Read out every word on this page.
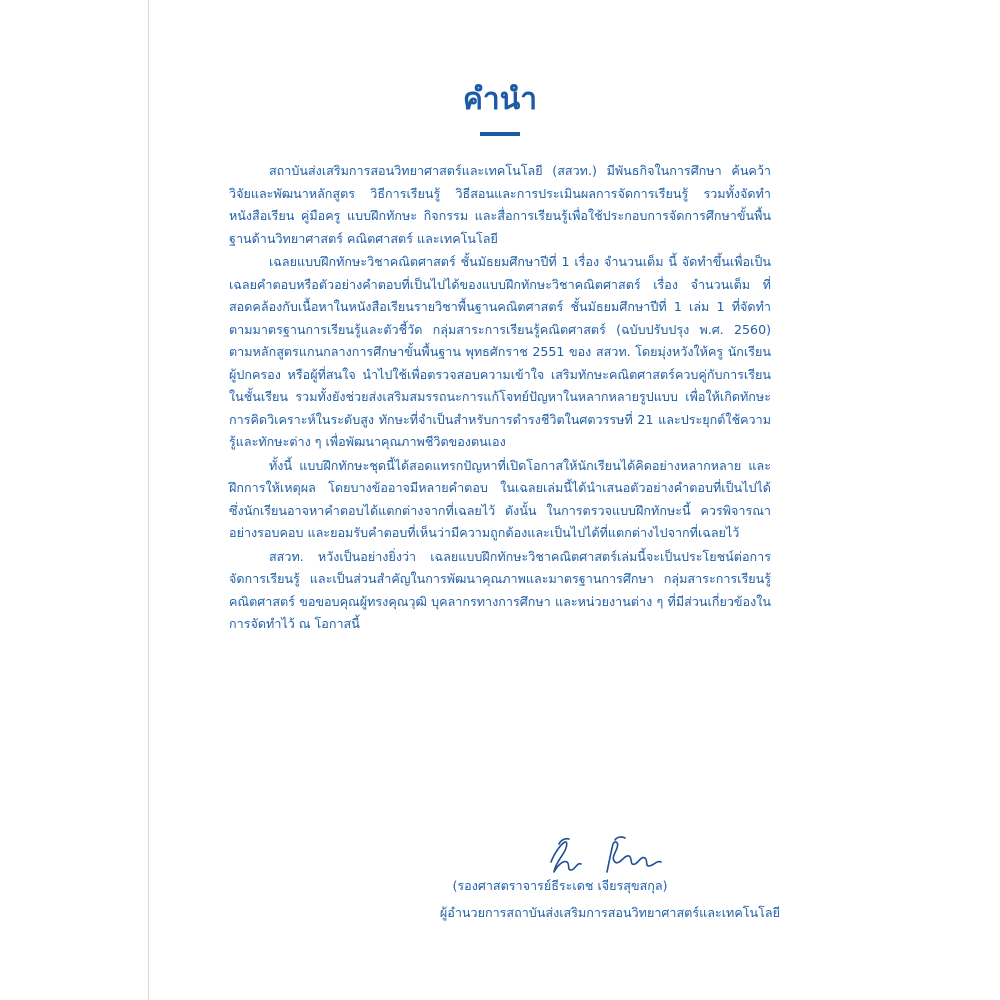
คำนำ

สถาบันส่งเสริมการสอนวิทยาศาสตร์และเทคโนโลยี (สสวท.) มีพันธกิจในการศึกษา ค้นคว้า วิจัยและพัฒนาหลักสูตร วิธีการเรียนรู้ วิธีสอนและการประเมินผลการจัดการเรียนรู้ รวมทั้งจัดทำหนังสือเรียน คู่มือครู แบบฝึกทักษะ กิจกรรม และสื่อการเรียนรู้เพื่อใช้ประกอบการจัดการศึกษาขั้นพื้นฐานด้านวิทยาศาสตร์ คณิตศาสตร์ และเทคโนโลยี

เฉลยแบบฝึกทักษะวิชาคณิตศาสตร์ ชั้นมัธยมศึกษาปีที่ 1 เรื่อง จำนวนเต็ม นี้ จัดทำขึ้นเพื่อเป็นเฉลยคำตอบหรือตัวอย่างคำตอบที่เป็นไปได้ของแบบฝึกทักษะวิชาคณิตศาสตร์ เรื่อง จำนวนเต็ม ที่สอดคล้องกับเนื้อหาในหนังสือเรียนรายวิชาพื้นฐานคณิตศาสตร์ ชั้นมัธยมศึกษาปีที่ 1 เล่ม 1 ที่จัดทำตามมาตรฐานการเรียนรู้และตัวชี้วัด กลุ่มสาระการเรียนรู้คณิตศาสตร์ (ฉบับปรับปรุง พ.ศ. 2560) ตามหลักสูตรแกนกลางการศึกษาขั้นพื้นฐาน พุทธศักราช 2551 ของ สสวท. โดยมุ่งหวังให้ครู นักเรียน ผู้ปกครอง หรือผู้ที่สนใจ นำไปใช้เพื่อตรวจสอบความเข้าใจ เสริมทักษะคณิตศาสตร์ควบคู่กับการเรียนในชั้นเรียน รวมทั้งยังช่วยส่งเสริมสมรรถนะการแก้โจทย์ปัญหาในหลากหลายรูปแบบ เพื่อให้เกิดทักษะการคิดวิเคราะห์ในระดับสูง ทักษะที่จำเป็นสำหรับการดำรงชีวิตในศตวรรษที่ 21 และประยุกต์ใช้ความรู้และทักษะต่าง ๆ เพื่อพัฒนาคุณภาพชีวิตของตนเอง

ทั้งนี้ แบบฝึกทักษะชุดนี้ได้สอดแทรกปัญหาที่เปิดโอกาสให้นักเรียนได้คิดอย่างหลากหลาย และฝึกการให้เหตุผล โดยบางข้ออาจมีหลายคำตอบ ในเฉลยเล่มนี้ได้นำเสนอตัวอย่างคำตอบที่เป็นไปได้ ซึ่งนักเรียนอาจหาคำตอบได้แตกต่างจากที่เฉลยไว้ ดังนั้น ในการตรวจแบบฝึกทักษะนี้ ควรพิจารณาอย่างรอบคอบ และยอมรับคำตอบที่เห็นว่ามีความถูกต้องและเป็นไปได้ที่แตกต่างไปจากที่เฉลยไว้

สสวท. หวังเป็นอย่างยิ่งว่า เฉลยแบบฝึกทักษะวิชาคณิตศาสตร์เล่มนี้จะเป็นประโยชน์ต่อการจัดการเรียนรู้ และเป็นส่วนสำคัญในการพัฒนาคุณภาพและมาตรฐานการศึกษา กลุ่มสาระการเรียนรู้คณิตศาสตร์ ขอขอบคุณผู้ทรงคุณวุฒิ บุคลากรทางการศึกษา และหน่วยงานต่าง ๆ ที่มีส่วนเกี่ยวข้องในการจัดทำไว้ ณ โอกาสนี้

(รองศาสตราจารย์ธีระเดช เจียรสุขสกุล)
ผู้อำนวยการสถาบันส่งเสริมการสอนวิทยาศาสตร์และเทคโนโลยี
